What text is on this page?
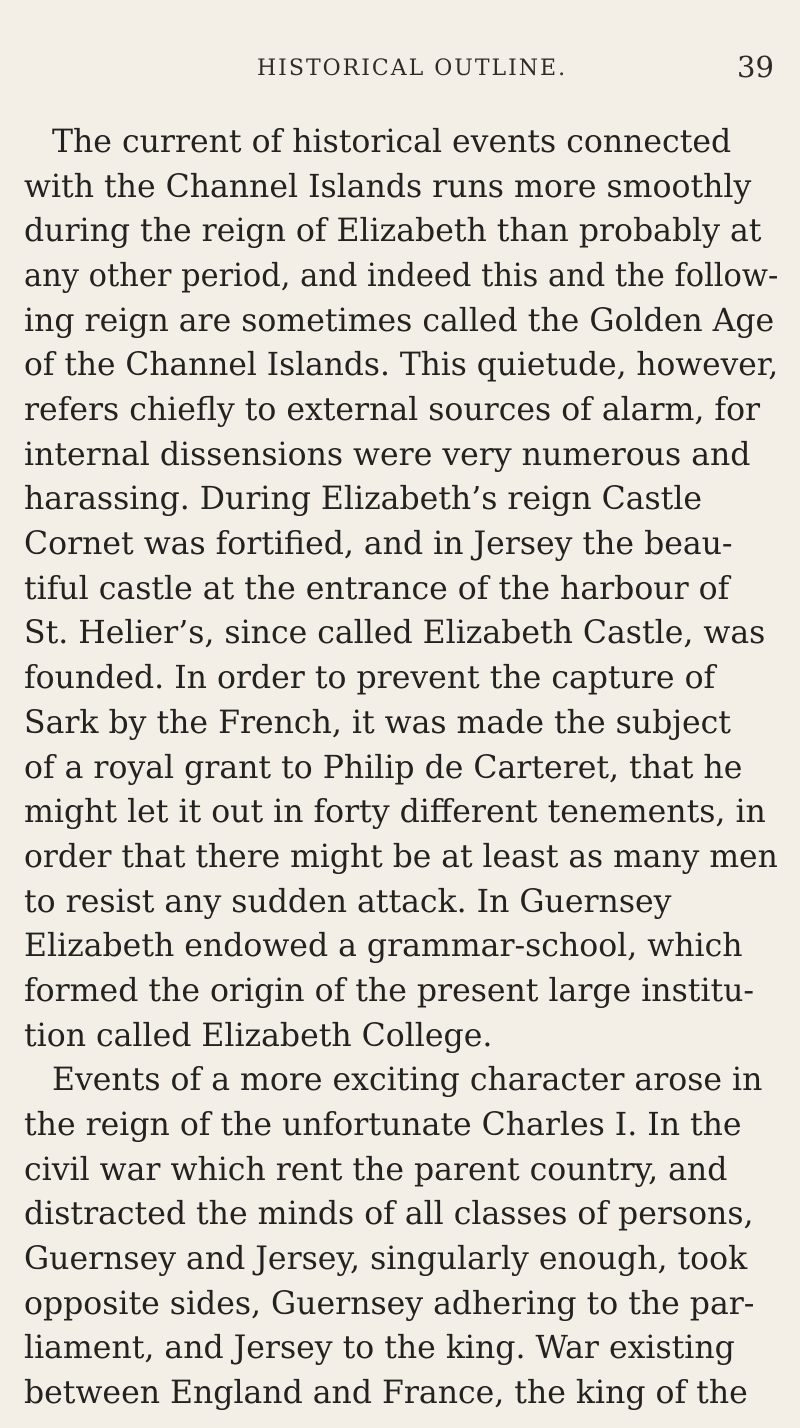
HISTORICAL OUTLINE.	39
The current of historical events connected
with the Channel Islands runs more smoothly
during the reign of Elizabeth than probably at
any other period, and indeed this and the follow-
ing reign are sometimes called the Golden Age
of the Channel Islands. This quietude, however,
refers chiefly to external sources of alarm, for
internal dissensions were very numerous and
harassing. During Elizabeth’s reign Castle
Cornet was fortified, and in Jersey the beau-
tiful castle at the entrance of the harbour of
St. Helier’s, since called Elizabeth Castle, was
founded. In order to prevent the capture of
Sark by the French, it was made the subject
of a royal grant to Philip de Carteret, that he
might let it out in forty different tenements, in
order that there might be at least as many men
to resist any sudden attack. In Guernsey
Elizabeth endowed a grammar-school, which
formed the origin of the present large institu-
tion called Elizabeth College.
Events of a more exciting character arose in
the reign of the unfortunate Charles I. In the
civil war which rent the parent country, and
distracted the minds of all classes of persons,
Guernsey and Jersey, singularly enough, took
opposite sides, Guernsey adhering to the par-
liament, and Jersey to the king. War existing
between England and France, the king of the
